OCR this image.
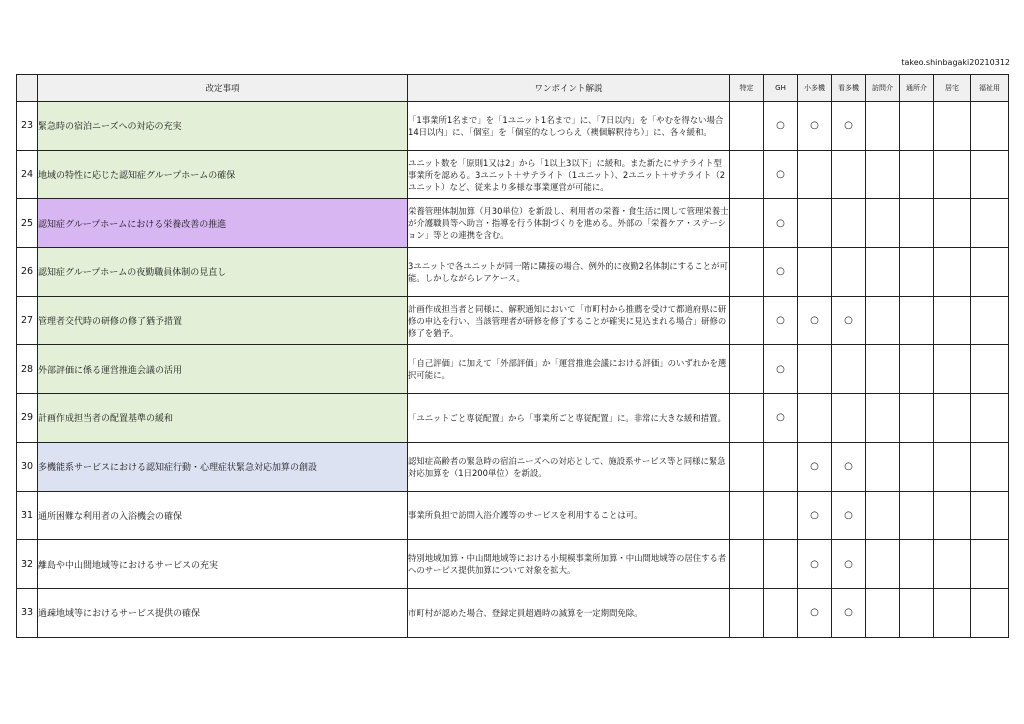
takeo.shinbagaki20210312
	改定事項	ワンポイント解説	特定	GH	小多機	看多機	訪問介	通所介	居宅	福祉用
23	緊急時の宿泊ニーズへの対応の充実	「1事業所1名まで」を「1ユニット1名まで」に、「7日以内」を「やむを得ない場合14日以内」に、「個室」を「個室的なしつらえ（襖個解釈待ち）」に、各々緩和。		○	○	○				
24	地域の特性に応じた認知症グループホームの確保	ユニット数を「原則1又は2」から「1以上3以下」に緩和。また新たにサテライト型事業所を認める。3ユニット＋サテライト（1ユニット）、2ユニット＋サテライト（2ユニット）など、従来より多様な事業運営が可能に。		○						
25	認知症グループホームにおける栄養改善の推進	栄養管理体制加算（月30単位）を新設し、利用者の栄養・食生活に関して管理栄養士が介護職員等へ助言・指導を行う体制づくりを進める。外部の「栄養ケア・ステーション」等との連携を含む。		○						
26	認知症グループホームの夜勤職員体制の見直し	3ユニットで各ユニットが同一階に隣接の場合、例外的に夜勤2名体制にすることが可能。しかしながらレアケース。		○						
27	管理者交代時の研修の修了猶予措置	計画作成担当者と同様に、解釈通知において「市町村から推薦を受けて都道府県に研修の申込を行い、当該管理者が研修を修了することが確実に見込まれる場合」研修の修了を猶予。		○	○	○				
28	外部評価に係る運営推進会議の活用	「自己評価」に加えて「外部評価」か「運営推進会議における評価」のいずれかを選択可能に。		○						
29	計画作成担当者の配置基準の緩和	「ユニットごと専従配置」から「事業所ごと専従配置」に。非常に大きな緩和措置。		○						
30	多機能系サービスにおける認知症行動・心理症状緊急対応加算の創設	認知症高齢者の緊急時の宿泊ニーズへの対応として、施設系サービス等と同様に緊急対応加算を（1日200単位）を新設。			○	○				
31	通所困難な利用者の入浴機会の確保	事業所負担で訪問入浴介護等のサービスを利用することは可。			○	○				
32	離島や中山間地域等におけるサービスの充実	特別地域加算・中山間地域等における小規模事業所加算・中山間地域等の居住する者へのサービス提供加算について対象を拡大。			○	○				
33	過疎地域等におけるサービス提供の確保	市町村が認めた場合、登録定員超過時の減算を一定期間免除。			○	○				
